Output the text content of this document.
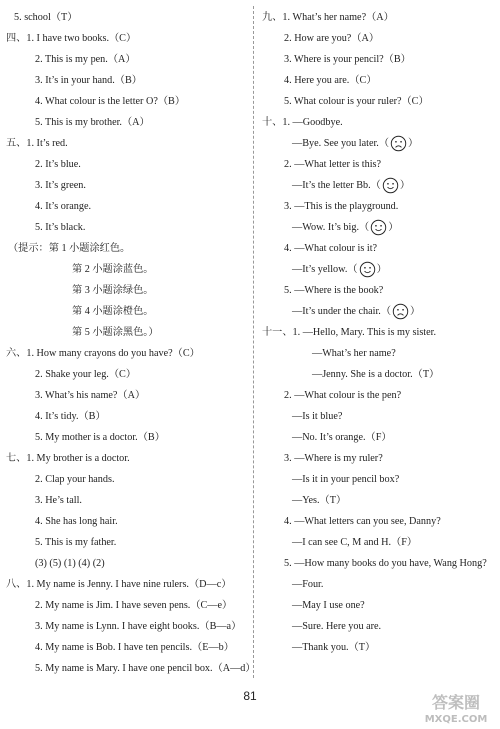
5. school（T）
四、1. I have two books.（C）
2. This is my pen.（A）
3. It’s in your hand.（B）
4. What colour is the letter O?（B）
5. This is my brother.（A）
五、1. It’s red.
2. It’s blue.
3. It’s green.
4. It’s orange.
5. It’s black.
（提示：第 1 小题涂红色。
第 2 小题涂蓝色。
第 3 小题涂绿色。
第 4 小题涂橙色。
第 5 小题涂黑色。）
六、1. How many crayons do you have?（C）
2. Shake your leg.（C）
3. What’s his name?（A）
4. It’s tidy.（B）
5. My mother is a doctor.（B）
七、1. My brother is a doctor.
2. Clap your hands.
3. He’s tall.
4. She has long hair.
5. This is my father.
(3) (5) (1) (4) (2)
八、1. My name is Jenny. I have nine rulers.（D—c）
2. My name is Jim. I have seven pens.（C—e）
3. My name is Lynn. I have eight books.（B—a）
4. My name is Bob. I have ten pencils.（E—b）
5. My name is Mary. I have one pencil box.（A—d）
九、1. What’s her name?（A）
2. How are you?（A）
3. Where is your pencil?（B）
4. Here you are.（C）
5. What colour is your ruler?（C）
十、1. —Goodbye.
—Bye. See you later.（ ）
2. —What letter is this?
—It’s the letter Bb.（ ）
3. —This is the playground.
—Wow. It’s big.（ ）
4. —What colour is it?
—It’s yellow.（ ）
5. —Where is the book?
—It’s under the chair.（ ）
十一、1. —Hello, Mary. This is my sister.
—What’s her name?
—Jenny. She is a doctor.（T）
2. —What colour is the pen?
—Is it blue?
—No. It’s orange.（F）
3. —Where is my ruler?
—Is it in your pencil box?
—Yes.（T）
4. —What letters can you see, Danny?
—I can see C, M and H.（F）
5. —How many books do you have, Wang Hong?
—Four.
—May I use one?
—Sure. Here you are.
—Thank you.（T）
81	答案圈
MXQE.COM
